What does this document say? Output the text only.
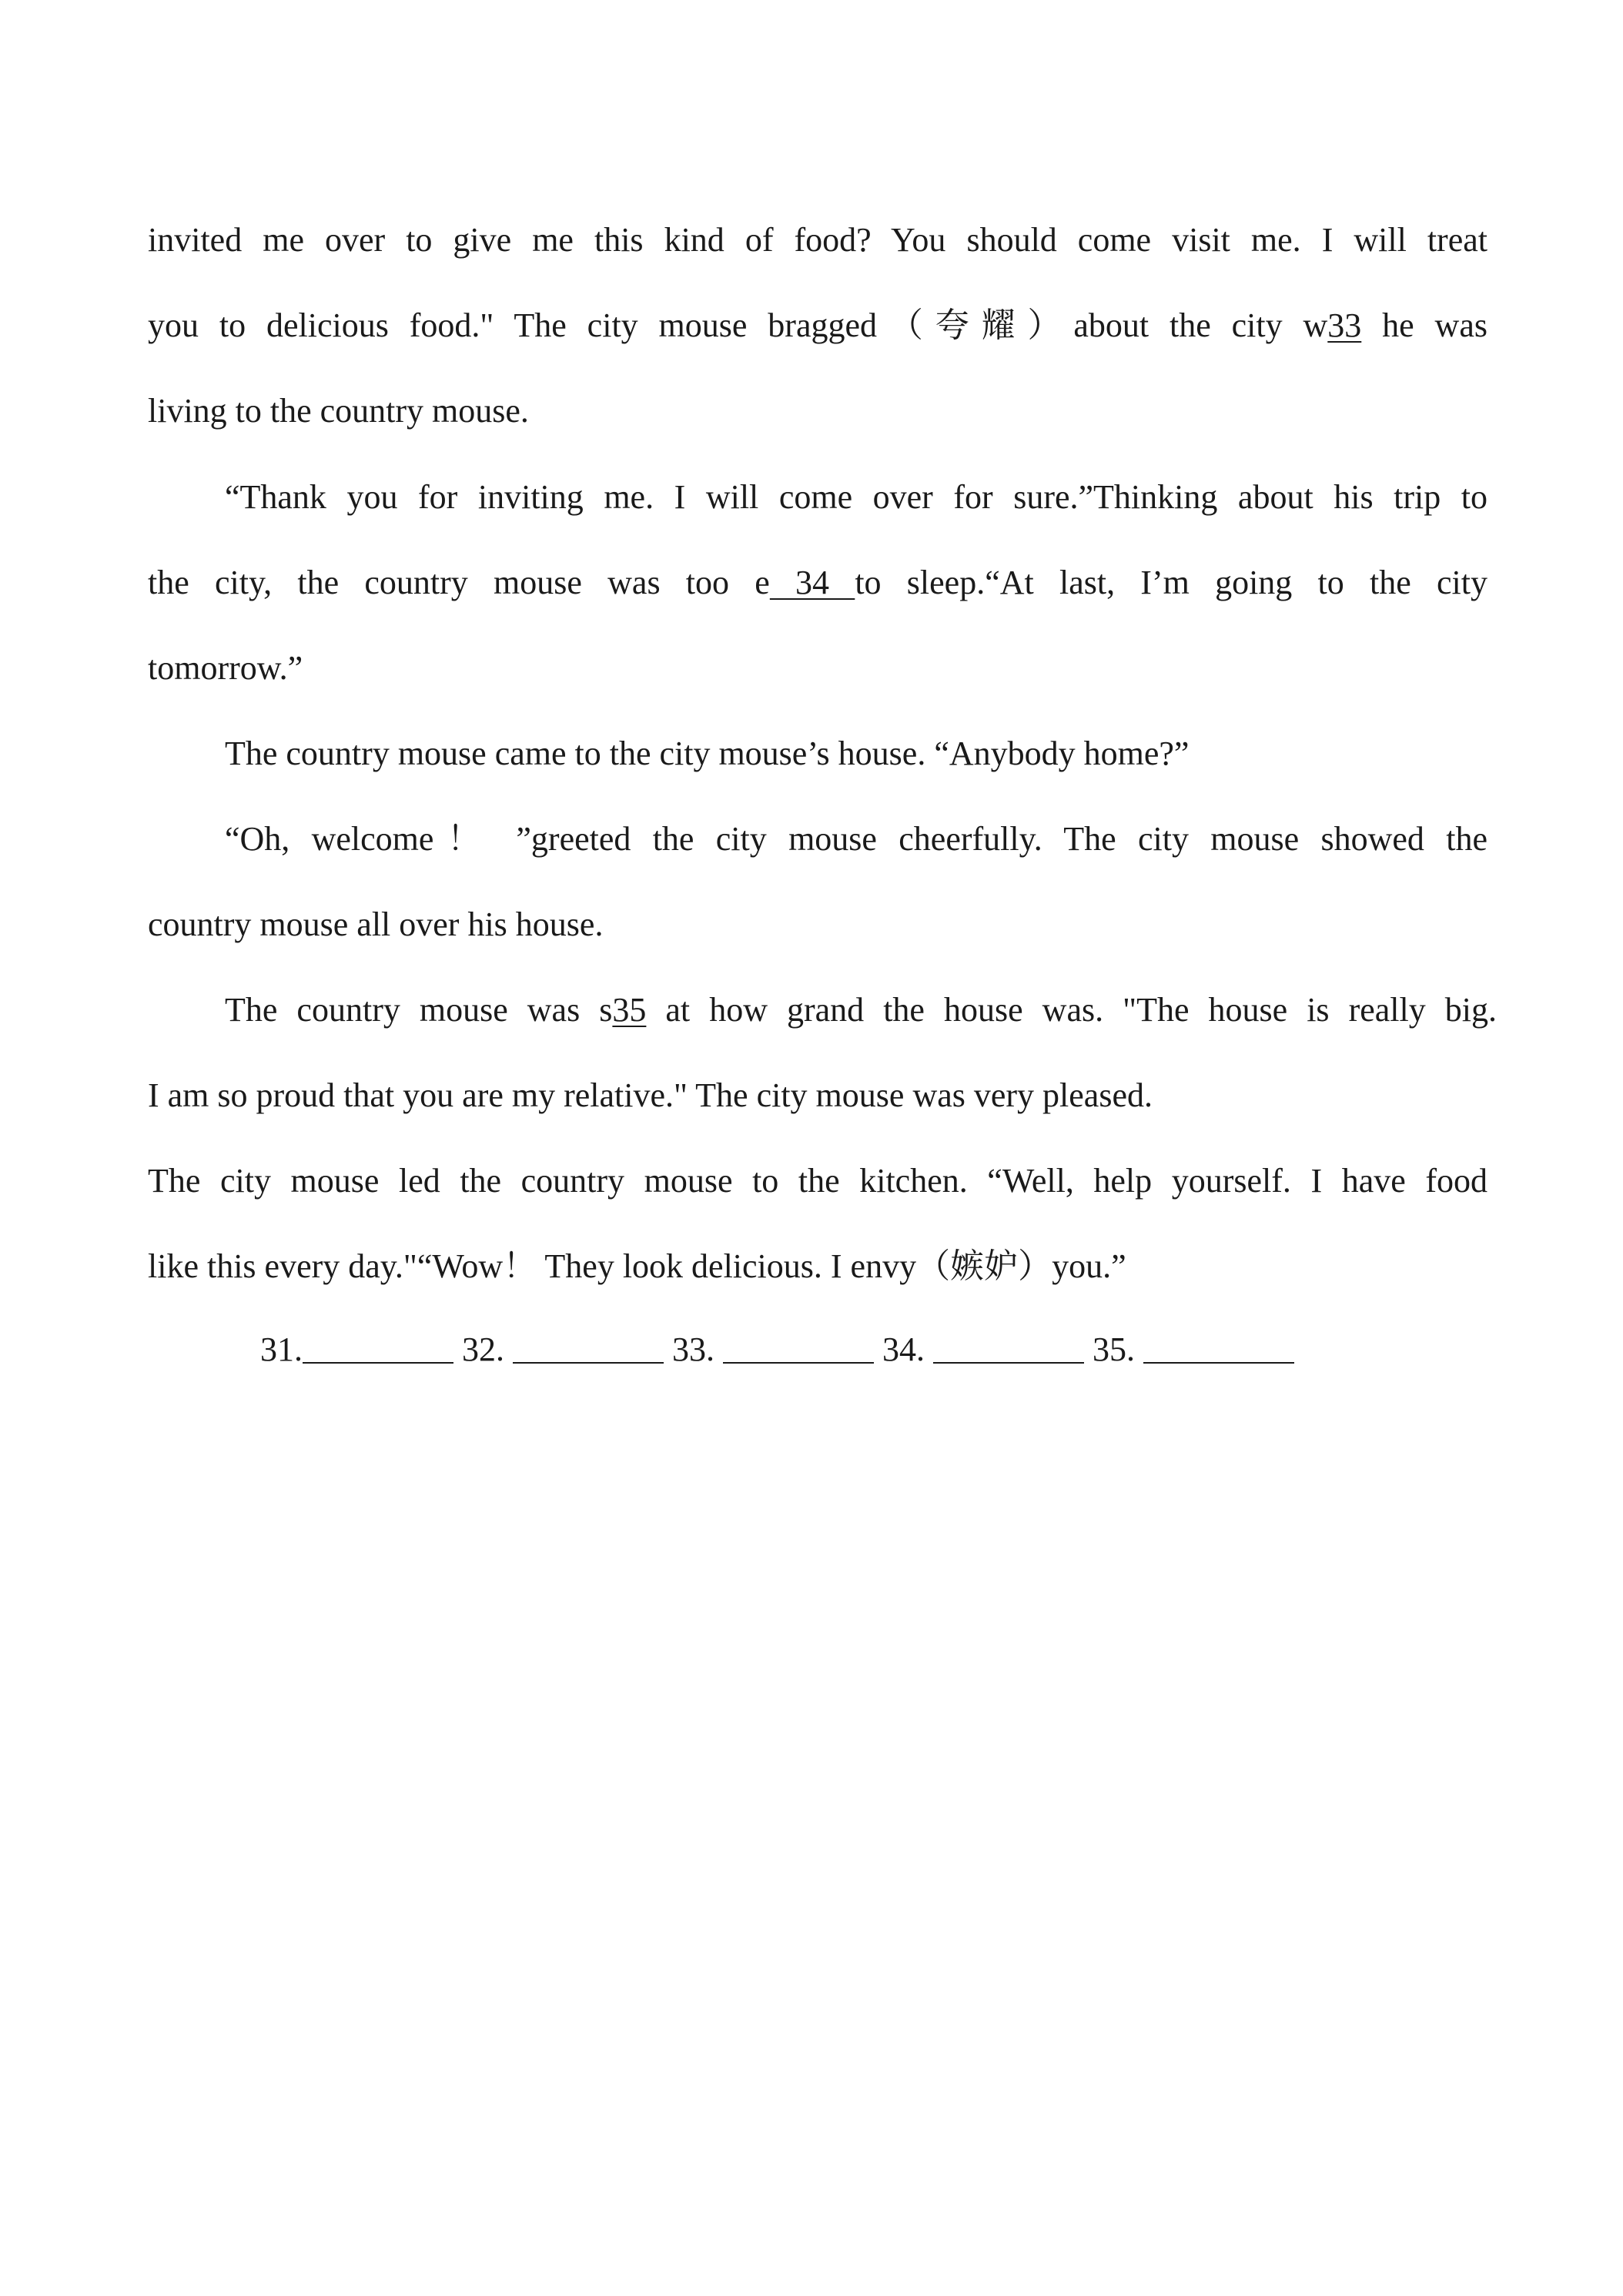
invited me over to give me this kind of food? You should come visit me. I will treat
you to delicious food." The city mouse bragged（夸耀）about the city w33 he was
living to the country mouse.
“Thank you for inviting me. I will come over for sure.”Thinking about his trip to
the city, the country mouse was too e 34 to sleep.“At last, I’m going to the city
tomorrow.”
The country mouse came to the city mouse’s house. “Anybody home?”
“Oh, welcome！ ”greeted the city mouse cheerfully. The city mouse showed the
country mouse all over his house.
The country mouse was s35 at how grand the house was. "The house is really big.
I am so proud that you are my relative." The city mouse was very pleased.
The city mouse led the country mouse to the kitchen. “Well, help yourself. I have food
like this every day."“Wow！ They look delicious. I envy（嫉妒）you.”
31.	32.	33.	34.	35.
